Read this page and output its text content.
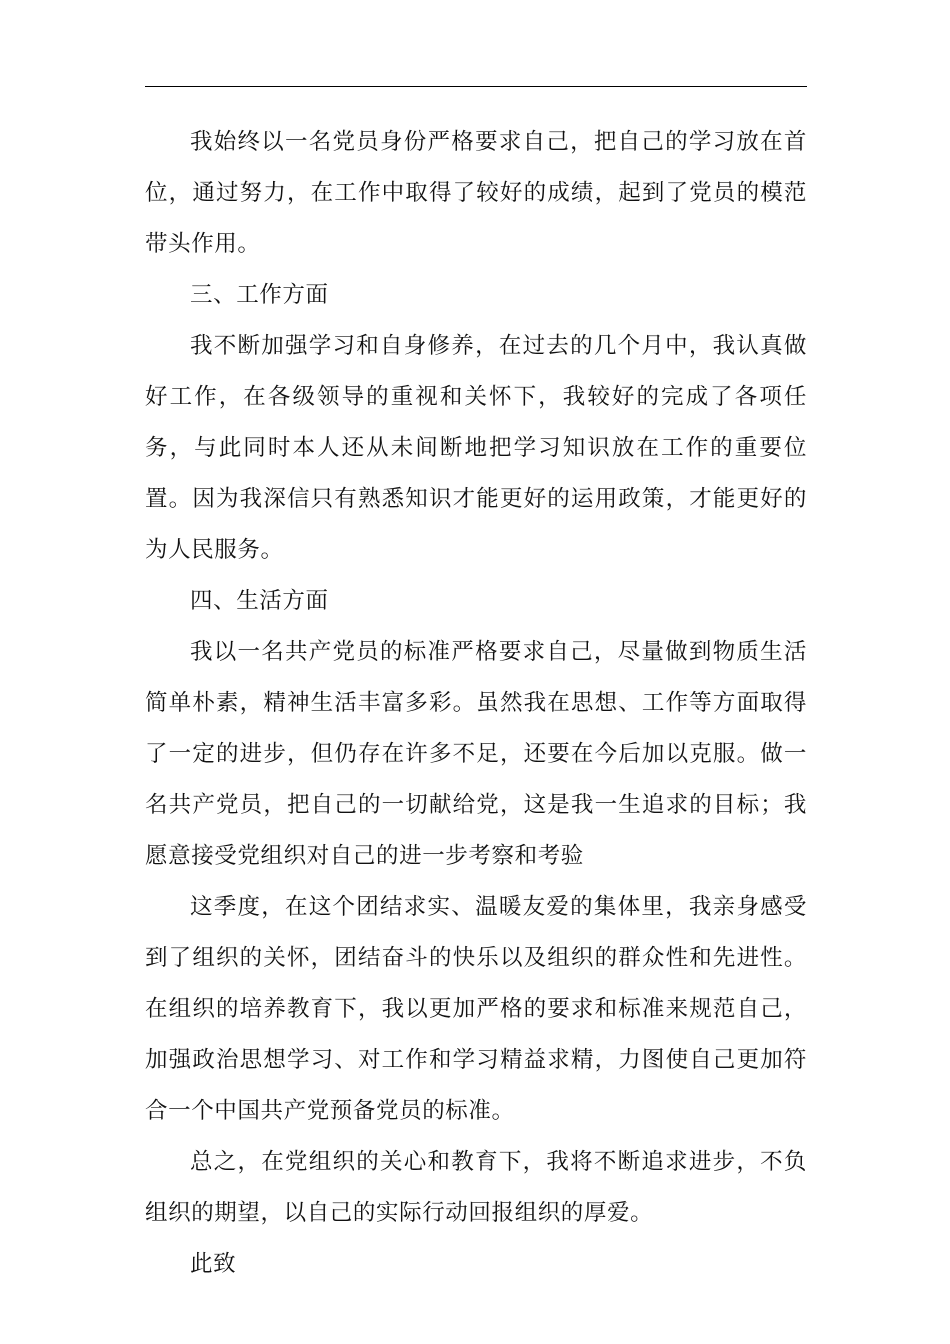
我始终以一名党员身份严格要求自己，把自己的学习放在首位，通过努力，在工作中取得了较好的成绩，起到了党员的模范带头作用。

三、工作方面

我不断加强学习和自身修养，在过去的几个月中，我认真做好工作，在各级领导的重视和关怀下，我较好的完成了各项任务，与此同时本人还从未间断地把学习知识放在工作的重要位置。因为我深信只有熟悉知识才能更好的运用政策，才能更好的为人民服务。

四、生活方面

我以一名共产党员的标准严格要求自己，尽量做到物质生活简单朴素，精神生活丰富多彩。虽然我在思想、工作等方面取得了一定的进步，但仍存在许多不足，还要在今后加以克服。做一名共产党员，把自己的一切献给党，这是我一生追求的目标；我愿意接受党组织对自己的进一步考察和考验

这季度，在这个团结求实、温暖友爱的集体里，我亲身感受到了组织的关怀，团结奋斗的快乐以及组织的群众性和先进性。在组织的培养教育下，我以更加严格的要求和标准来规范自己，加强政治思想学习、对工作和学习精益求精，力图使自己更加符合一个中国共产党预备党员的标准。

总之，在党组织的关心和教育下，我将不断追求进步，不负组织的期望，以自己的实际行动回报组织的厚爱。

此致
